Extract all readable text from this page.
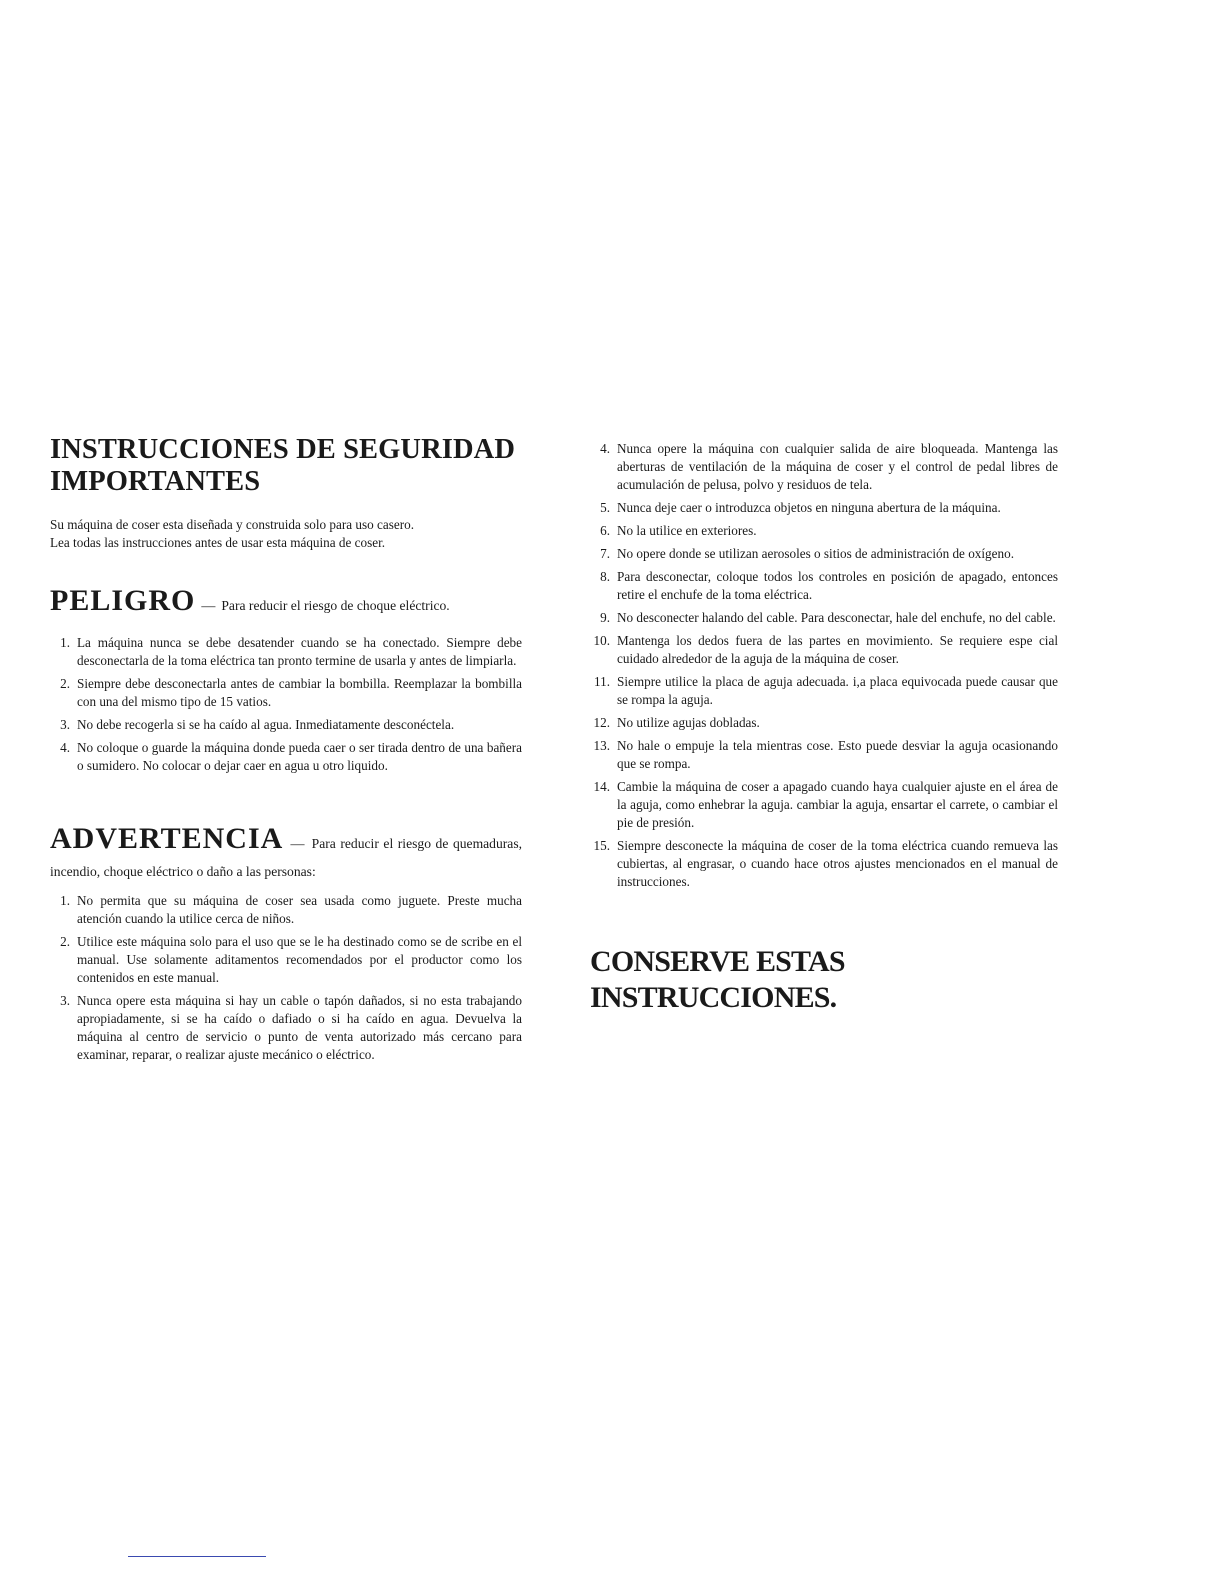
INSTRUCCIONES DE SEGURIDAD IMPORTANTES

Su máquina de coser esta diseñada y construida solo para uso casero.

Lea todas las instrucciones antes de usar esta máquina de coser.

PELIGRO — Para reducir el riesgo de choque eléctrico.
1. La máquina nunca se debe desatender cuando se ha conectado. Siempre debe desconectarla de la toma eléctrica tan pronto termine de usarla y antes de limpiarla.
2. Siempre debe desconectarla antes de cambiar la bombilla. Reemplazar la bombilla con una del mismo tipo de 15 vatios.
3. No debe recogerla si se ha caído al agua. Inmediatamente desconéctela.
4. No coloque o guarde la máquina donde pueda caer o ser tirada dentro de una bañera o sumidero. No colocar o dejar caer en agua u otro liquido.
ADVERTENCIA — Para reducir el riesgo de quemaduras, incendio, choque eléctrico o daño a las personas:
1. No permita que su máquina de coser sea usada como juguete. Preste mucha atención cuando la utilice cerca de niños.
2. Utilice este máquina solo para el uso que se le ha destinado como se de scribe en el manual. Use solamente aditamentos recomendados por el productor como los contenidos en este manual.
3. Nunca opere esta máquina si hay un cable o tapón dañados, si no esta trabajando apropiadamente, si se ha caído o dafiado o si ha caído en agua. Devuelva la máquina al centro de servicio o punto de venta autorizado más cercano para examinar, reparar, o realizar ajuste mecánico o eléctrico.
4. Nunca opere la máquina con cualquier salida de aire bloqueada. Mantenga las aberturas de ventilación de la máquina de coser y el control de pedal libres de acumulación de pelusa, polvo y residuos de tela.
5. Nunca deje caer o introduzca objetos en ninguna abertura de la máquina.
6. No la utilice en exteriores.
7. No opere donde se utilizan aerosoles o sitios de administración de oxígeno.
8. Para desconectar, coloque todos los controles en posición de apagado, entonces retire el enchufe de la toma eléctrica.
9. No desconecter halando del cable. Para desconectar, hale del enchufe, no del cable.
10. Mantenga los dedos fuera de las partes en movimiento. Se requiere espe cial cuidado alrededor de la aguja de la máquina de coser.
11. Siempre utilice la placa de aguja adecuada. i,a placa equivocada puede causar que se rompa la aguja.
12. No utilize agujas dobladas.
13. No hale o empuje la tela mientras cose. Esto puede desviar la aguja ocasionando que se rompa.
14. Cambie la máquina de coser a apagado cuando haya cualquier ajuste en el área de la aguja, como enhebrar la aguja. cambiar la aguja, ensartar el carrete, o cambiar el pie de presión.
15. Siempre desconecte la máquina de coser de la toma eléctrica cuando remueva las cubiertas, al engrasar, o cuando hace otros ajustes mencionados en el manual de instrucciones.
CONSERVE ESTAS INSTRUCCIONES.
